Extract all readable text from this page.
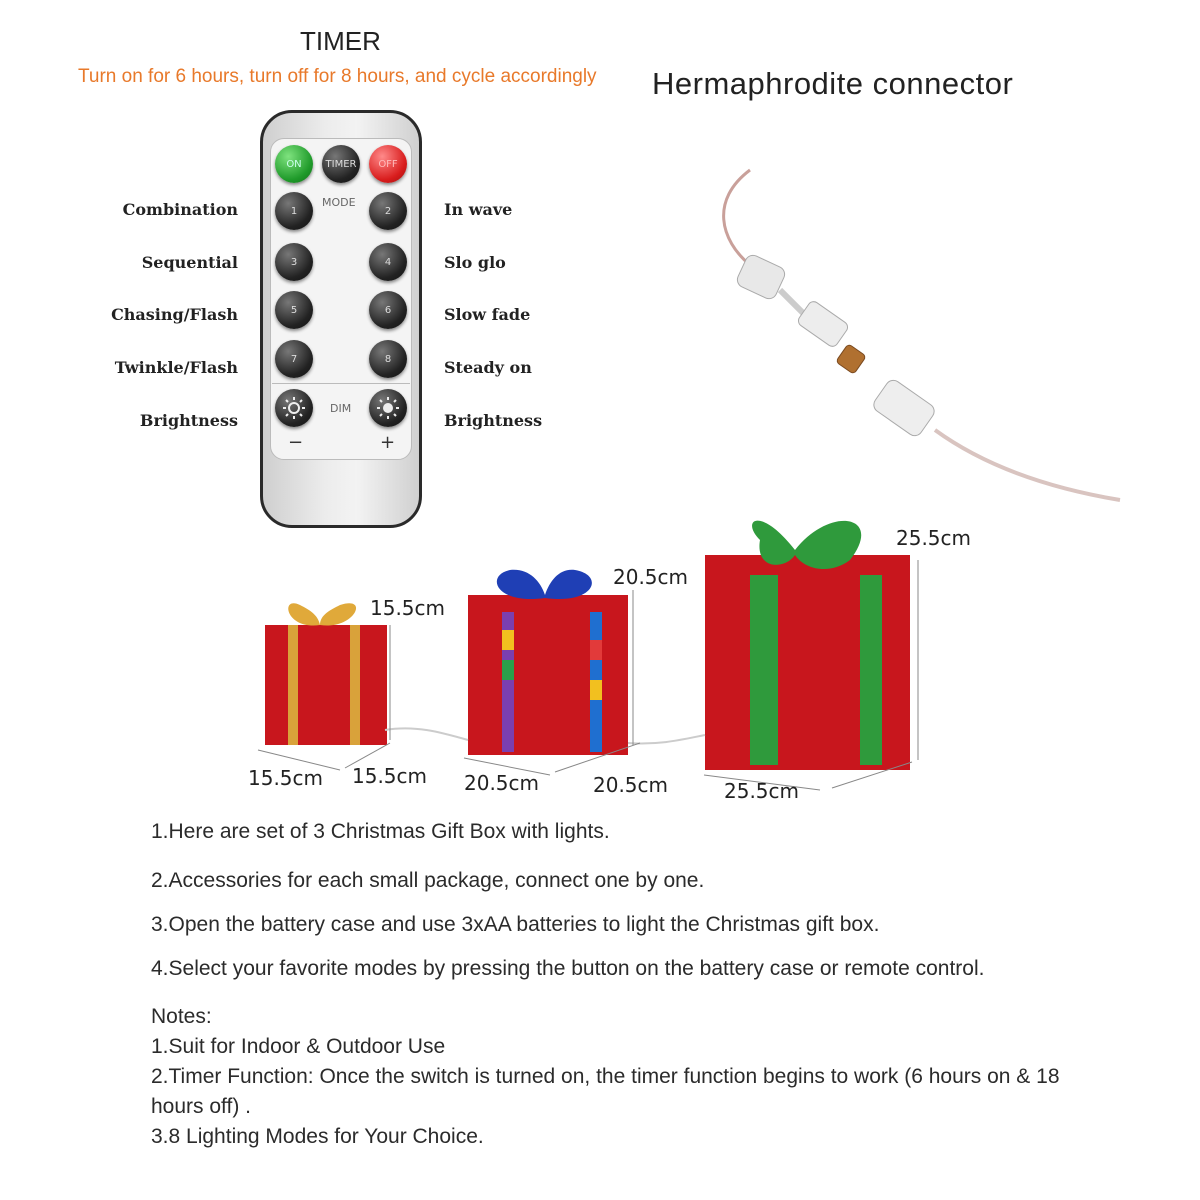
TIMER
Turn on for 6 hours, turn off for 8 hours, and cycle accordingly Hermaphrodite connector
ON	TIMER	OFF
MODE
1	2
3	4
5	6
7	8
DIM
−	+
Combination
Sequential
Chasing/Flash
Twinkle/Flash
Brightness
In wave
Slo glo
Slow fade
Steady on
Brightness
15.5cm
15.5cm 15.5cm
20.5cm
20.5cm	20.5cm
25.5cm
25.5cm
1.Here are set of 3 Christmas Gift Box with lights.
2.Accessories for each small package, connect one by one.
3.Open the battery case and use 3xAA batteries to light the Christmas gift box.
4.Select your favorite modes by pressing the button on the battery case or remote control.
Notes:
1.Suit for Indoor & Outdoor Use
2.Timer Function: Once the switch is turned on, the timer function begins to work (6 hours on & 18
hours off) .
3.8 Lighting Modes for Your Choice.
